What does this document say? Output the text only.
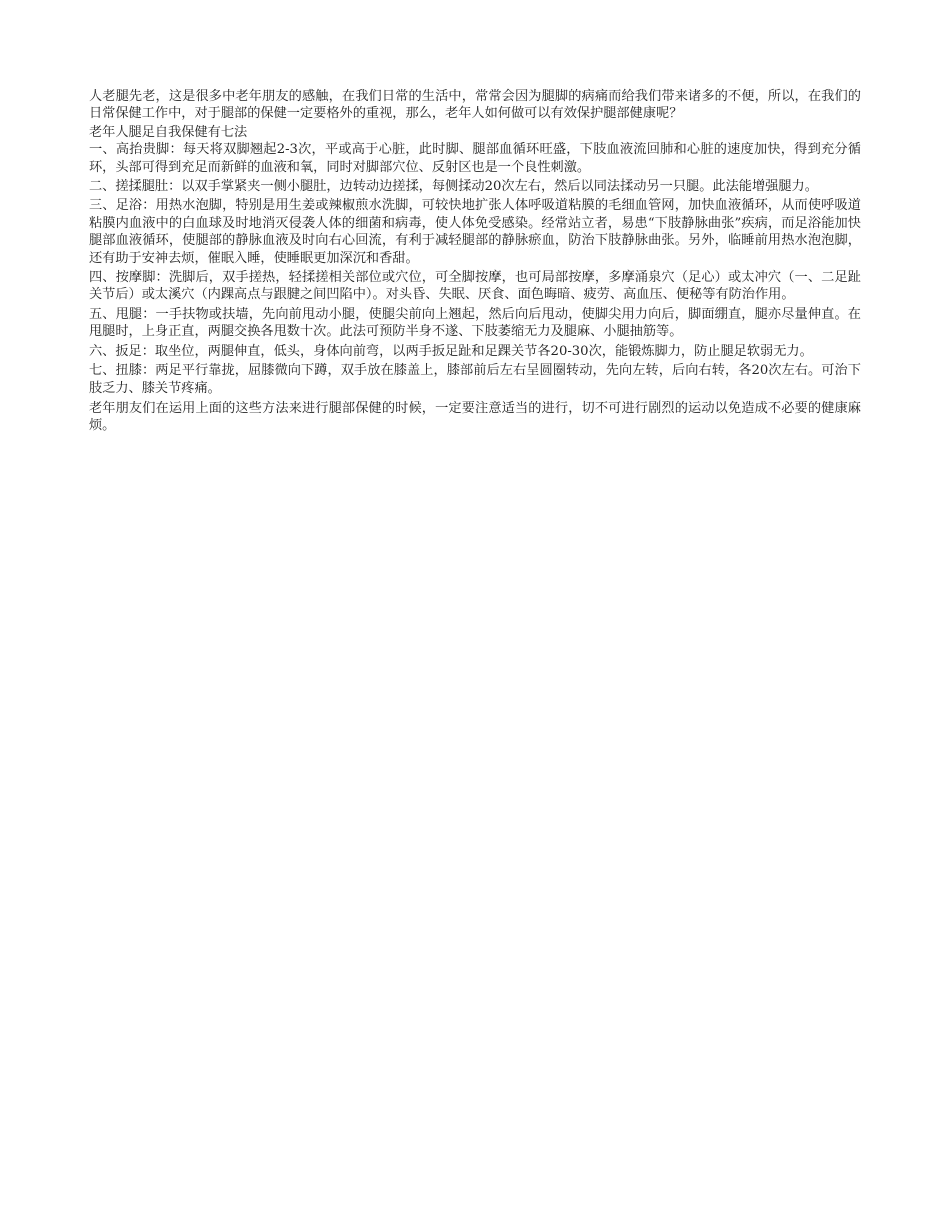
人老腿先老，这是很多中老年朋友的感触，在我们日常的生活中，常常会因为腿脚的病痛而给我们带来诸多的不便，所以，在我们的日常保健工作中，对于腿部的保健一定要格外的重视，那么，老年人如何做可以有效保护腿部健康呢？

老年人腿足自我保健有七法

一、高抬贵脚：每天将双脚翘起2-3次，平或高于心脏，此时脚、腿部血循环旺盛，下肢血液流回肺和心脏的速度加快，得到充分循环，头部可得到充足而新鲜的血液和氧，同时对脚部穴位、反射区也是一个良性刺激。

二、搓揉腿肚：以双手掌紧夹一侧小腿肚，边转动边搓揉，每侧揉动20次左右，然后以同法揉动另一只腿。此法能增强腿力。

三、足浴：用热水泡脚，特别是用生姜或辣椒煎水洗脚，可较快地扩张人体呼吸道粘膜的毛细血管网，加快血液循环，从而使呼吸道粘膜内血液中的白血球及时地消灭侵袭人体的细菌和病毒，使人体免受感染。经常站立者，易患“下肢静脉曲张”疾病，而足浴能加快腿部血液循环，使腿部的静脉血液及时向右心回流，有利于减轻腿部的静脉瘀血，防治下肢静脉曲张。另外，临睡前用热水泡泡脚，还有助于安神去烦，催眠入睡，使睡眠更加深沉和香甜。

四、按摩脚：洗脚后，双手搓热，轻揉搓相关部位或穴位，可全脚按摩，也可局部按摩，多摩涌泉穴（足心）或太冲穴（一、二足趾关节后）或太溪穴（内踝高点与跟腱之间凹陷中）。对头昏、失眠、厌食、面色晦暗、疲劳、高血压、便秘等有防治作用。

五、甩腿：一手扶物或扶墙，先向前甩动小腿，使腿尖前向上翘起，然后向后甩动，使脚尖用力向后，脚面绷直，腿亦尽量伸直。在甩腿时，上身正直，两腿交换各甩数十次。此法可预防半身不遂、下肢萎缩无力及腿麻、小腿抽筋等。

六、扳足：取坐位，两腿伸直，低头，身体向前弯，以两手扳足趾和足踝关节各20-30次，能锻炼脚力，防止腿足软弱无力。

七、扭膝：两足平行靠拢，屈膝微向下蹲，双手放在膝盖上，膝部前后左右呈圆圈转动，先向左转，后向右转，各20次左右。可治下肢乏力、膝关节疼痛。

老年朋友们在运用上面的这些方法来进行腿部保健的时候，一定要注意适当的进行，切不可进行剧烈的运动以免造成不必要的健康麻烦。
